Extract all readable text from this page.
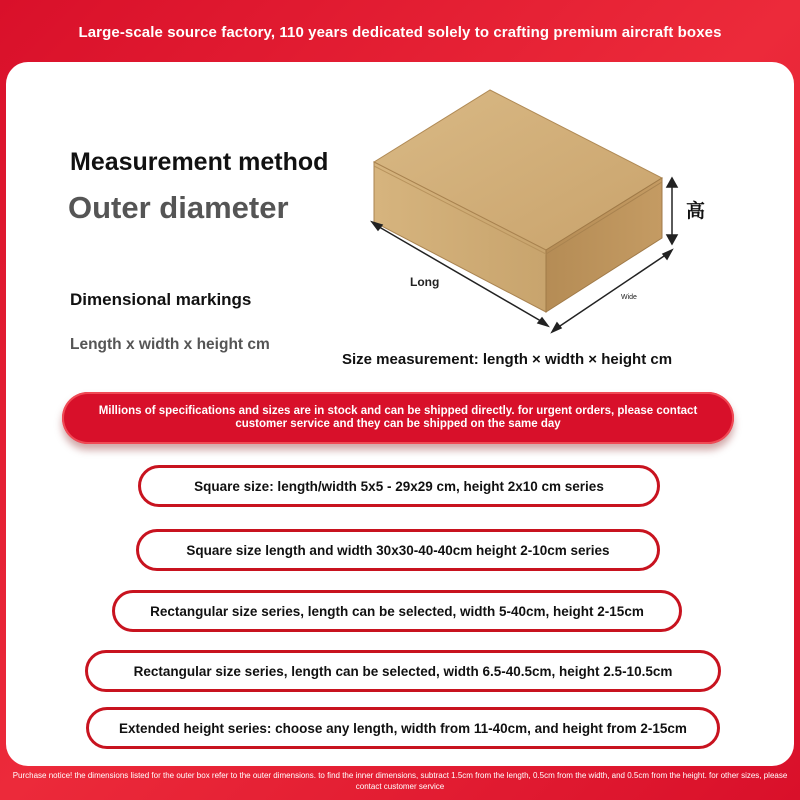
Large-scale source factory, 110 years dedicated solely to crafting premium aircraft boxes
Measurement method
Outer diameter
Dimensional markings
Length x width x height cm
Long
Wide
高
Size measurement: length × width × height cm
Millions of specifications and sizes are in stock and can be shipped directly. for urgent orders, please contact customer service and they can be shipped on the same day
Square size: length/width 5x5 - 29x29 cm, height 2x10 cm series
Square size length and width 30x30-40-40cm height 2-10cm series
Rectangular size series, length can be selected, width 5-40cm, height 2-15cm
Rectangular size series, length can be selected, width 6.5-40.5cm, height 2.5-10.5cm
Extended height series: choose any length, width from 11-40cm, and height from 2-15cm
Purchase notice! the dimensions listed for the outer box refer to the outer dimensions. to find the inner dimensions, subtract 1.5cm from the length, 0.5cm from the width, and 0.5cm from the height. for other sizes, please contact customer service
